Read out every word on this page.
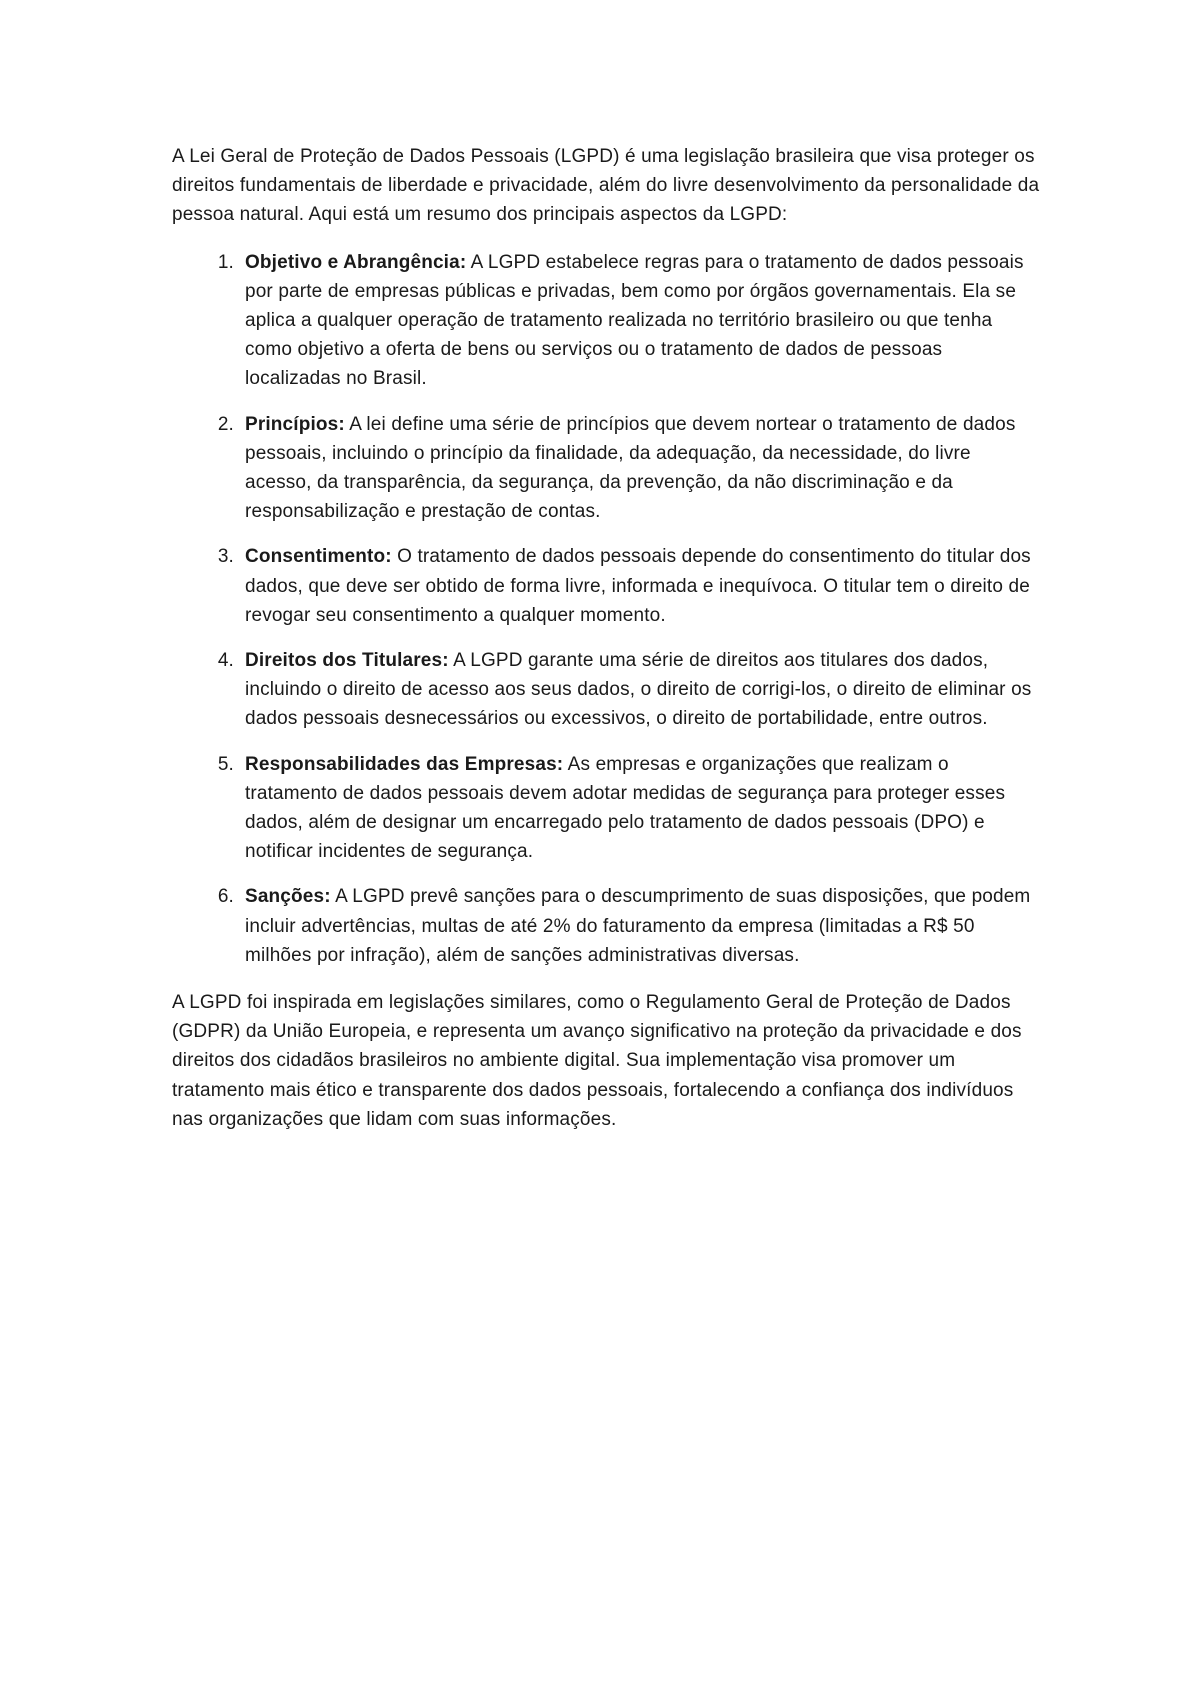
A Lei Geral de Proteção de Dados Pessoais (LGPD) é uma legislação brasileira que visa proteger os direitos fundamentais de liberdade e privacidade, além do livre desenvolvimento da personalidade da pessoa natural. Aqui está um resumo dos principais aspectos da LGPD:

1. Objetivo e Abrangência: A LGPD estabelece regras para o tratamento de dados pessoais por parte de empresas públicas e privadas, bem como por órgãos governamentais. Ela se aplica a qualquer operação de tratamento realizada no território brasileiro ou que tenha como objetivo a oferta de bens ou serviços ou o tratamento de dados de pessoas localizadas no Brasil.
2. Princípios: A lei define uma série de princípios que devem nortear o tratamento de dados pessoais, incluindo o princípio da finalidade, da adequação, da necessidade, do livre acesso, da transparência, da segurança, da prevenção, da não discriminação e da responsabilização e prestação de contas.
3. Consentimento: O tratamento de dados pessoais depende do consentimento do titular dos dados, que deve ser obtido de forma livre, informada e inequívoca. O titular tem o direito de revogar seu consentimento a qualquer momento.
4. Direitos dos Titulares: A LGPD garante uma série de direitos aos titulares dos dados, incluindo o direito de acesso aos seus dados, o direito de corrigi-los, o direito de eliminar os dados pessoais desnecessários ou excessivos, o direito de portabilidade, entre outros.
5. Responsabilidades das Empresas: As empresas e organizações que realizam o tratamento de dados pessoais devem adotar medidas de segurança para proteger esses dados, além de designar um encarregado pelo tratamento de dados pessoais (DPO) e notificar incidentes de segurança.
6. Sanções: A LGPD prevê sanções para o descumprimento de suas disposições, que podem incluir advertências, multas de até 2% do faturamento da empresa (limitadas a R$ 50 milhões por infração), além de sanções administrativas diversas.

A LGPD foi inspirada em legislações similares, como o Regulamento Geral de Proteção de Dados (GDPR) da União Europeia, e representa um avanço significativo na proteção da privacidade e dos direitos dos cidadãos brasileiros no ambiente digital. Sua implementação visa promover um tratamento mais ético e transparente dos dados pessoais, fortalecendo a confiança dos indivíduos nas organizações que lidam com suas informações.
